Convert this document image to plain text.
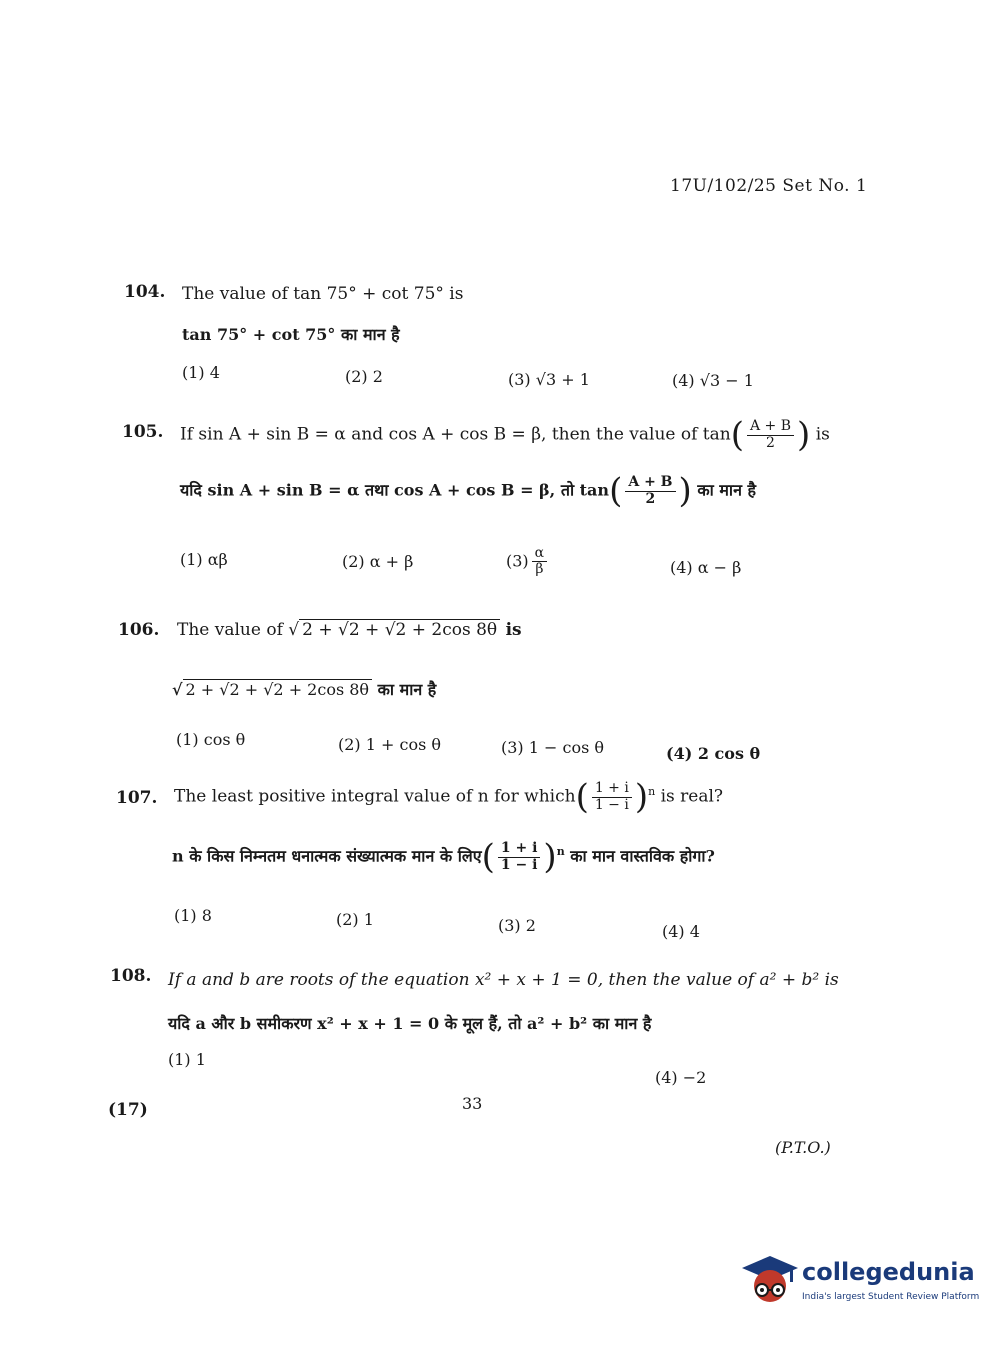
17U/102/25 Set No. 1
104. The value of tan 75° + cot 75° is
tan 75° + cot 75° का मान है
(1) 4	(2) 2	(3) √3 + 1	(4) √3 − 1
105. If sin A + sin B = α and cos A + cos B = β, then the value of $\tan( \frac{A + B}{2}$ ) is
यदि sin A + sin B = α तथा cos A + cos B = β, तो $\tan( \frac{A + B}{2}$ ) का मान है
(1) αβ	(2) α + β	$(3) \frac{\alpha}{\beta}$	(4) α − β
106. The value of √ 2 + √2 + √2 + 2cos 8θ is
√ 2 + √2 + √2 + 2cos 8θ का मान है
(1) cos θ	(2) 1 + cos θ	(3) 1 − cos θ	(4) 2 cos θ
107. The least positive integral value of n for which( $\frac{1 + i}{1 - i} )^n$ is real?
n के किस निम्नतम धनात्मक संख्यात्मक मान के लिए( $\frac{1 + i}{1 - i} )^n$ का मान वास्तविक होगा?
(1) 8	(2) 1	(3) 2	(4) 4
108. If a and b are roots of the equation x² + x + 1 = 0, then the value of a² + b² is
यदि a और b समीकरण x² + x + 1 = 0 के मूल हैं, तो a² + b² का मान है
(1) 1
(4) −2
(17)	33
(P.T.O.)
collegedunia
India's largest Student Review Platform
